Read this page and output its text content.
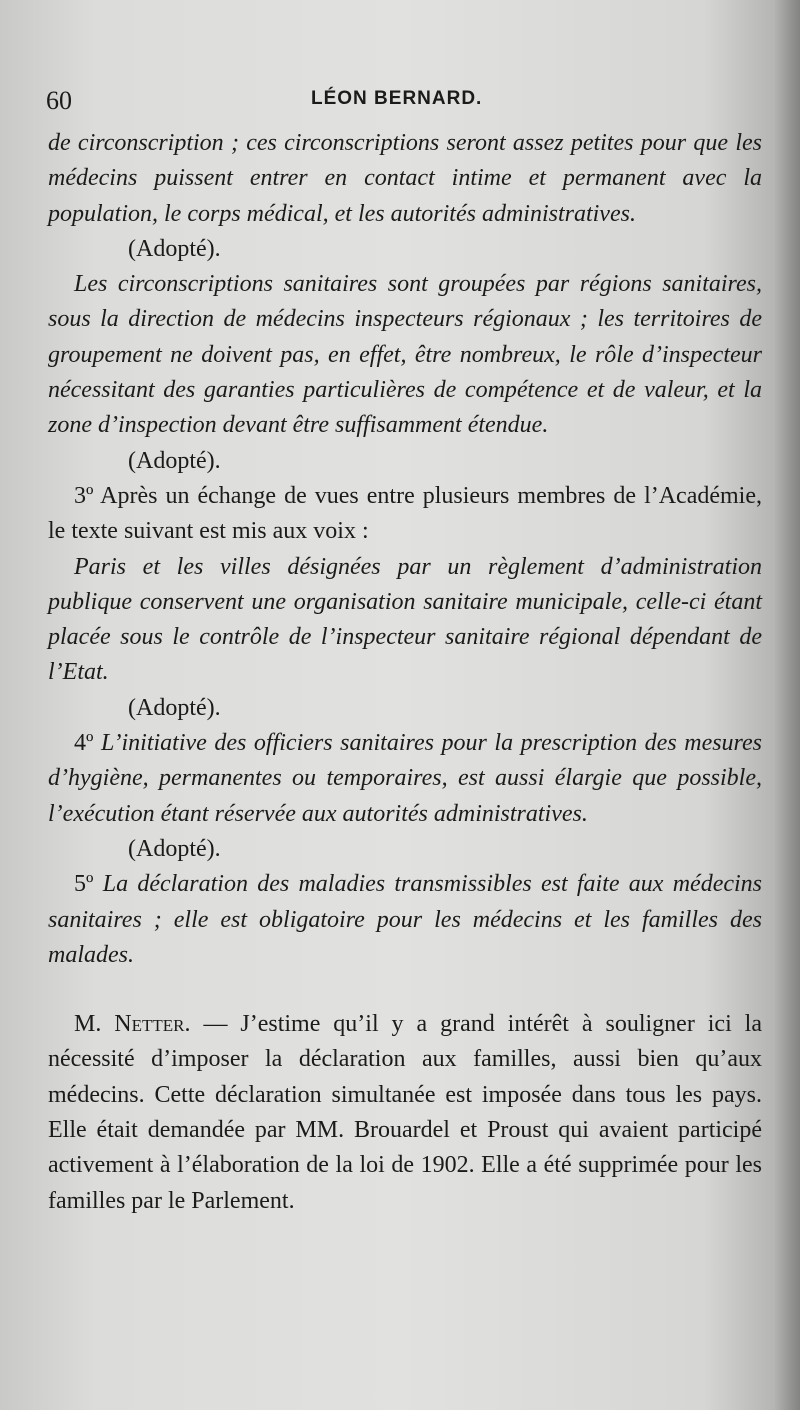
60	LÉON BERNARD.

de circonscription ; ces circonscriptions seront assez petites pour que les médecins puissent entrer en contact intime et permanent avec la population, le corps médical, et les autorités administratives.

(Adopté).

Les circonscriptions sanitaires sont groupées par régions sanitaires, sous la direction de médecins inspecteurs régionaux ; les territoires de groupement ne doivent pas, en effet, être nombreux, le rôle d’inspecteur nécessitant des garanties particulières de compétence et de valeur, et la zone d’inspection devant être suffisamment étendue.

(Adopté).

3º Après un échange de vues entre plusieurs membres de l’Académie, le texte suivant est mis aux voix :

Paris et les villes désignées par un règlement d’administration publique conservent une organisation sanitaire municipale, celle-ci étant placée sous le contrôle de l’inspecteur sanitaire régional dépendant de l’Etat.

(Adopté).

4º L’initiative des officiers sanitaires pour la prescription des mesures d’hygiène, permanentes ou temporaires, est aussi élargie que possible, l’exécution étant réservée aux autorités administratives.

(Adopté).

5º La déclaration des maladies transmissibles est faite aux médecins sanitaires ; elle est obligatoire pour les médecins et les familles des malades.

M. Netter. — J’estime qu’il y a grand intérêt à souligner ici la nécessité d’imposer la déclaration aux familles, aussi bien qu’aux médecins. Cette déclaration simultanée est imposée dans tous les pays. Elle était demandée par MM. Brouardel et Proust qui avaient participé activement à l’élaboration de la loi de 1902. Elle a été supprimée pour les familles par le Parlement.
